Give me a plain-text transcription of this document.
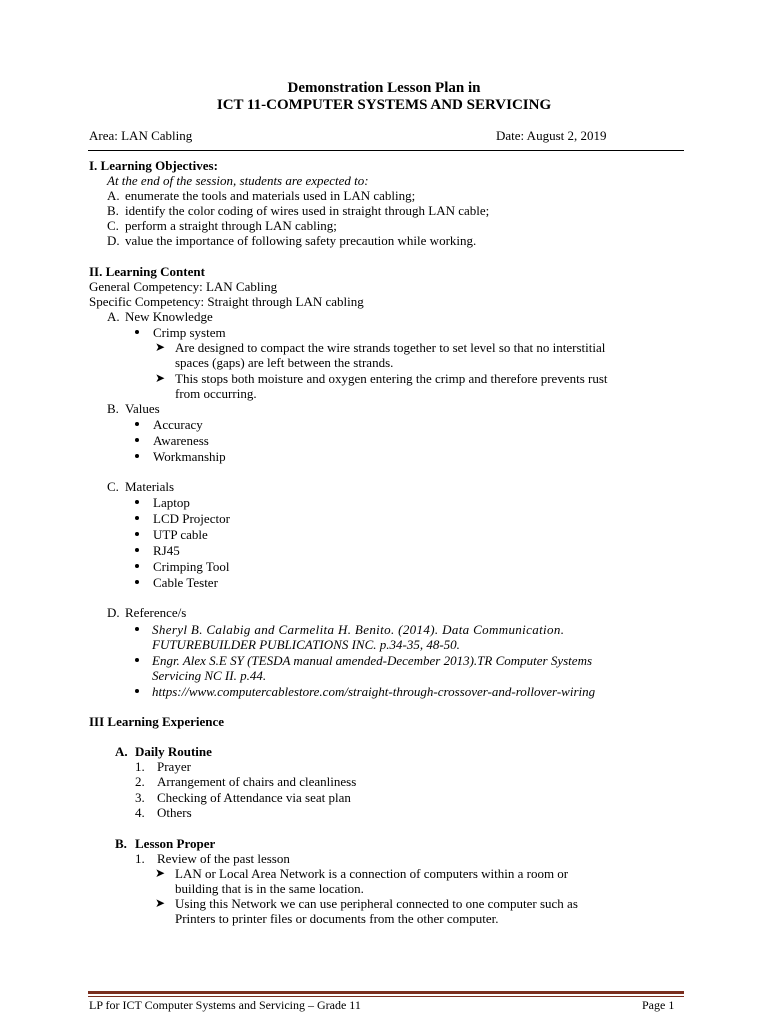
Demonstration Lesson Plan in
ICT 11-COMPUTER SYSTEMS AND SERVICING
Area: LAN Cabling	Date: August 2, 2019
I. Learning Objectives:
At the end of the session, students are expected to:
A. enumerate the tools and materials used in LAN cabling;
B. identify the color coding of wires used in straight through LAN cable;
C. perform a straight through LAN cabling;
D. value the importance of following safety precaution while working.
II. Learning Content
General Competency: LAN Cabling
Specific Competency: Straight through LAN cabling
A. New Knowledge
Crimp system
➤ Are designed to compact the wire strands together to set level so that no interstitial
spaces (gaps) are left between the strands.
➤ This stops both moisture and oxygen entering the crimp and therefore prevents rust
from occurring.
B. Values
Accuracy
Awareness
Workmanship
C. Materials
Laptop
LCD Projector
UTP cable
RJ45
Crimping Tool
Cable Tester
D. Reference/s
Sheryl B. Calabig and Carmelita H. Benito. (2014). Data Communication.
FUTUREBUILDER PUBLICATIONS INC. p.34-35, 48-50.
Engr. Alex S.E SY (TESDA manual amended-December 2013).TR Computer Systems
Servicing NC II. p.44.
https://www.computercablestore.com/straight-through-crossover-and-rollover-wiring
III Learning Experience
A. Daily Routine
1. Prayer
2. Arrangement of chairs and cleanliness
3. Checking of Attendance via seat plan
4. Others
B. Lesson Proper
1. Review of the past lesson
➤ LAN or Local Area Network is a connection of computers within a room or
building that is in the same location.
➤ Using this Network we can use peripheral connected to one computer such as
Printers to printer files or documents from the other computer.
LP for ICT Computer Systems and Servicing – Grade 11	Page 1
